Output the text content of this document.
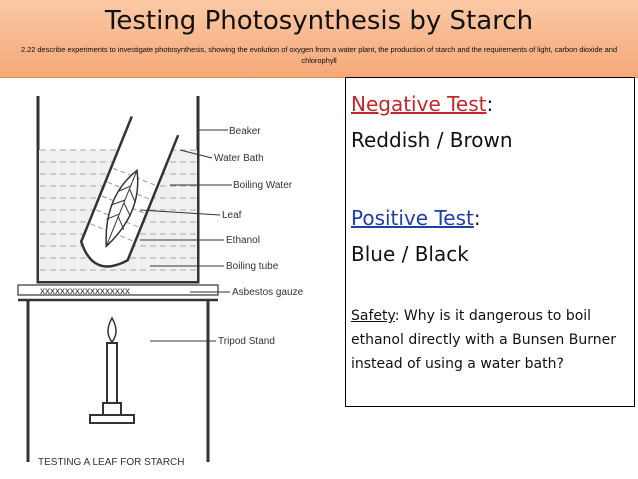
Testing Photosynthesis by Starch
2.22 describe experiments to investigate photosynthesis, showing the evolution of oxygen from a water plant, the production of starch and the requirements of light, carbon dioxide and chlorophyll
xxxxxxxxxxxxxxxxxx
Beaker
Water Bath
Boiling Water
Leaf
Ethanol
Boiling tube
Asbestos gauze
Tripod Stand
TESTING A LEAF FOR STARCH
Negative Test:
Reddish / Brown
Positive Test:
Blue / Black
Safety: Why is it dangerous to boil ethanol directly with a Bunsen Burner instead of using a water bath?
